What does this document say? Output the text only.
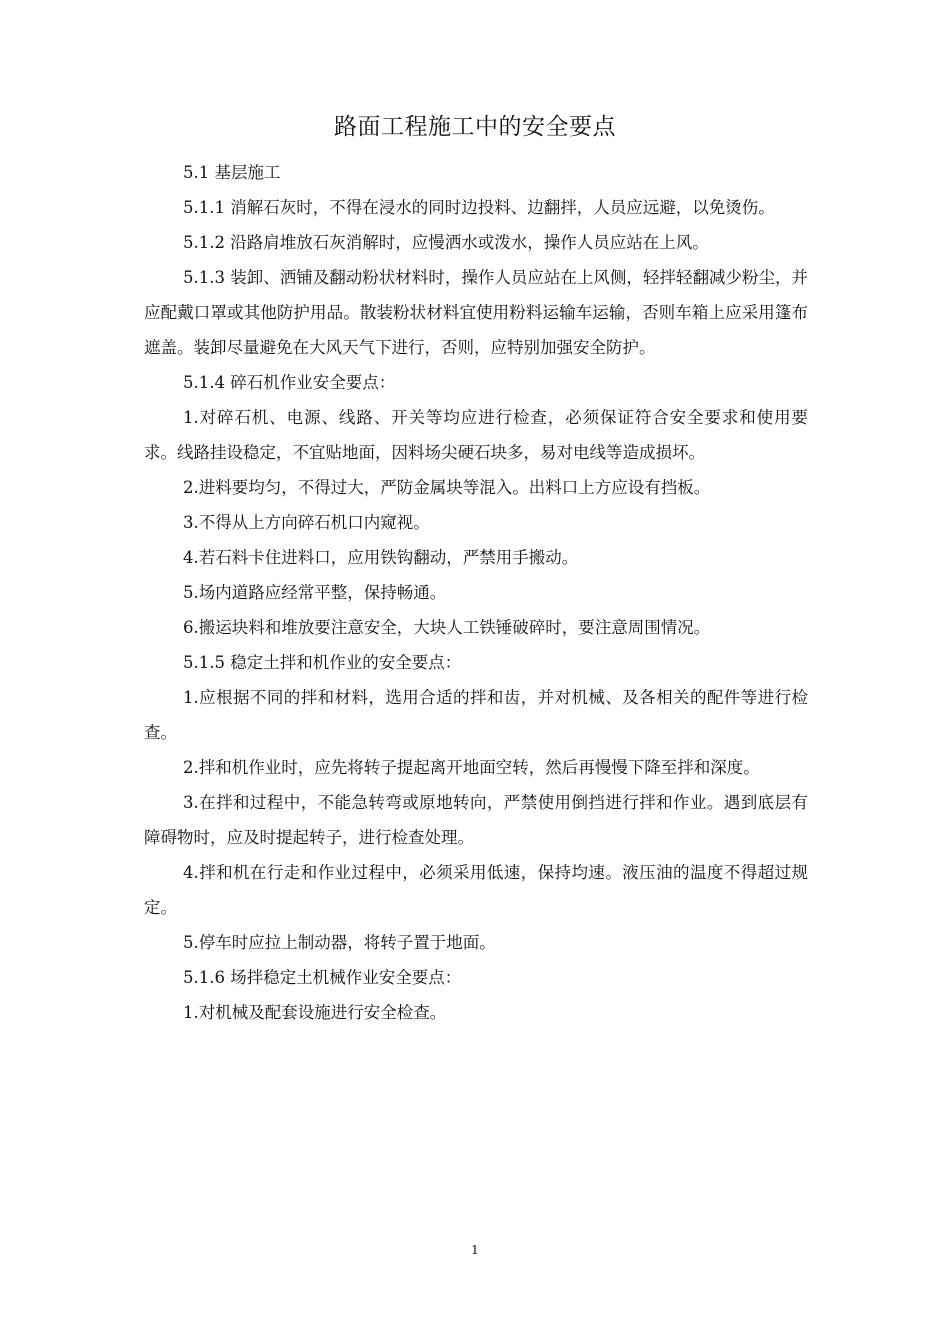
路面工程施工中的安全要点

5.1 基层施工

5.1.1 消解石灰时，不得在浸水的同时边投料、边翻拌，人员应远避，以免烫伤。

5.1.2 沿路肩堆放石灰消解时，应慢洒水或泼水，操作人员应站在上风。

5.1.3 装卸、洒铺及翻动粉状材料时，操作人员应站在上风侧，轻拌轻翻减少粉尘，并应配戴口罩或其他防护用品。散装粉状材料宜使用粉料运输车运输，否则车箱上应采用篷布遮盖。装卸尽量避免在大风天气下进行，否则，应特别加强安全防护。

5.1.4 碎石机作业安全要点：

1.对碎石机、电源、线路、开关等均应进行检查，必须保证符合安全要求和使用要求。线路挂设稳定，不宜贴地面，因料场尖硬石块多，易对电线等造成损坏。

2.进料要均匀，不得过大，严防金属块等混入。出料口上方应设有挡板。

3.不得从上方向碎石机口内窥视。

4.若石料卡住进料口，应用铁钩翻动，严禁用手搬动。

5.场内道路应经常平整，保持畅通。

6.搬运块料和堆放要注意安全，大块人工铁锤破碎时，要注意周围情况。

5.1.5 稳定土拌和机作业的安全要点：

1.应根据不同的拌和材料，选用合适的拌和齿，并对机械、及各相关的配件等进行检查。

2.拌和机作业时，应先将转子提起离开地面空转，然后再慢慢下降至拌和深度。

3.在拌和过程中，不能急转弯或原地转向，严禁使用倒挡进行拌和作业。遇到底层有障碍物时，应及时提起转子，进行检查处理。

4.拌和机在行走和作业过程中，必须采用低速，保持均速。液压油的温度不得超过规定。

5.停车时应拉上制动器，将转子置于地面。

5.1.6 场拌稳定土机械作业安全要点：

1.对机械及配套设施进行安全检查。

1
